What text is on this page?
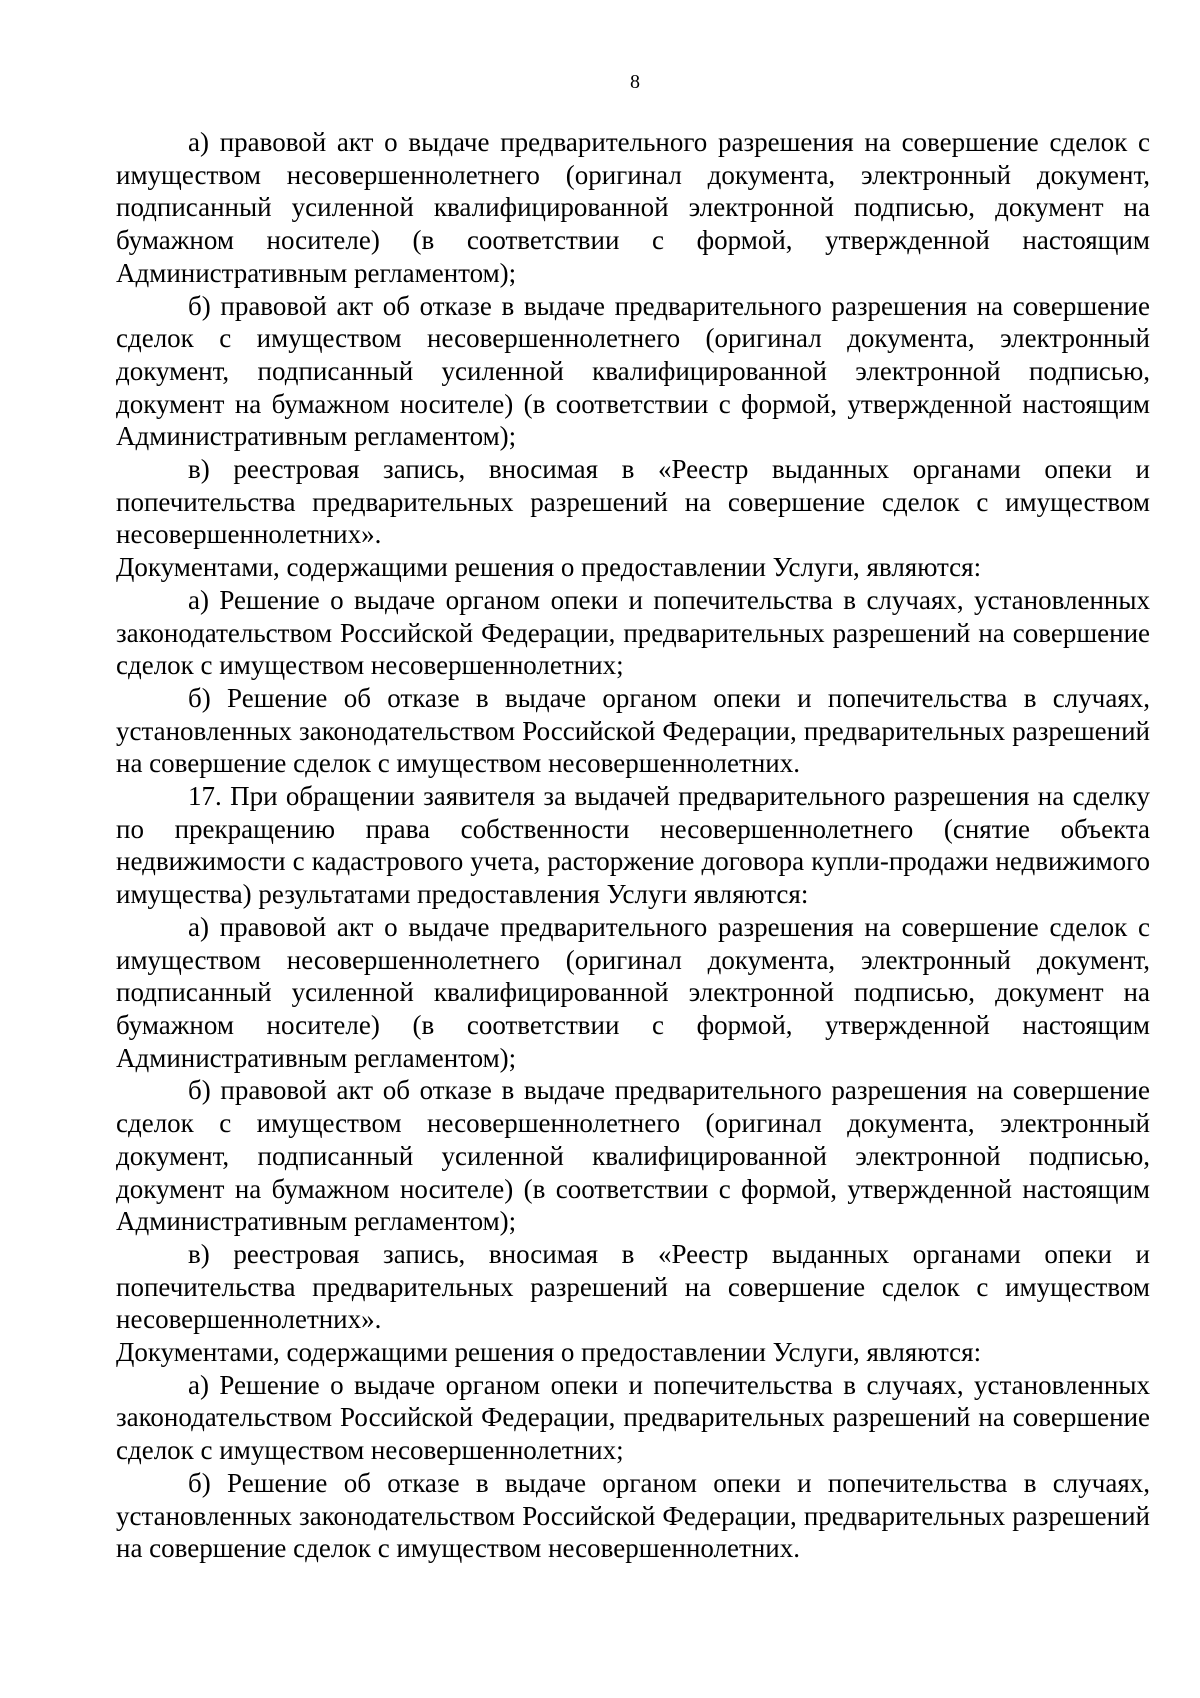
8

а) правовой акт о выдаче предварительного разрешения на совершение сделок с имуществом несовершеннолетнего (оригинал документа, электронный документ, подписанный усиленной квалифицированной электронной подписью, документ на бумажном носителе) (в соответствии с формой, утвержденной настоящим Административным регламентом);

б) правовой акт об отказе в выдаче предварительного разрешения на совершение сделок с имуществом несовершеннолетнего (оригинал документа, электронный документ, подписанный усиленной квалифицированной электронной подписью, документ на бумажном носителе) (в соответствии с формой, утвержденной настоящим Административным регламентом);

в) реестровая запись, вносимая в «Реестр выданных органами опеки и попечительства предварительных разрешений на совершение сделок с имуществом несовершеннолетних».

Документами, содержащими решения о предоставлении Услуги, являются:

а) Решение о выдаче органом опеки и попечительства в случаях, установленных законодательством Российской Федерации, предварительных разрешений на совершение сделок с имуществом несовершеннолетних;

б) Решение об отказе в выдаче органом опеки и попечительства в случаях, установленных законодательством Российской Федерации, предварительных разрешений на совершение сделок с имуществом несовершеннолетних.

17. При обращении заявителя за выдачей предварительного разрешения на сделку по прекращению права собственности несовершеннолетнего (снятие объекта недвижимости с кадастрового учета, расторжение договора купли-продажи недвижимого имущества) результатами предоставления Услуги являются:

а) правовой акт о выдаче предварительного разрешения на совершение сделок с имуществом несовершеннолетнего (оригинал документа, электронный документ, подписанный усиленной квалифицированной электронной подписью, документ на бумажном носителе) (в соответствии с формой, утвержденной настоящим Административным регламентом);

б) правовой акт об отказе в выдаче предварительного разрешения на совершение сделок с имуществом несовершеннолетнего (оригинал документа, электронный документ, подписанный усиленной квалифицированной электронной подписью, документ на бумажном носителе) (в соответствии с формой, утвержденной настоящим Административным регламентом);

в) реестровая запись, вносимая в «Реестр выданных органами опеки и попечительства предварительных разрешений на совершение сделок с имуществом несовершеннолетних».

Документами, содержащими решения о предоставлении Услуги, являются:

а) Решение о выдаче органом опеки и попечительства в случаях, установленных законодательством Российской Федерации, предварительных разрешений на совершение сделок с имуществом несовершеннолетних;

б) Решение об отказе в выдаче органом опеки и попечительства в случаях, установленных законодательством Российской Федерации, предварительных разрешений на совершение сделок с имуществом несовершеннолетних.
